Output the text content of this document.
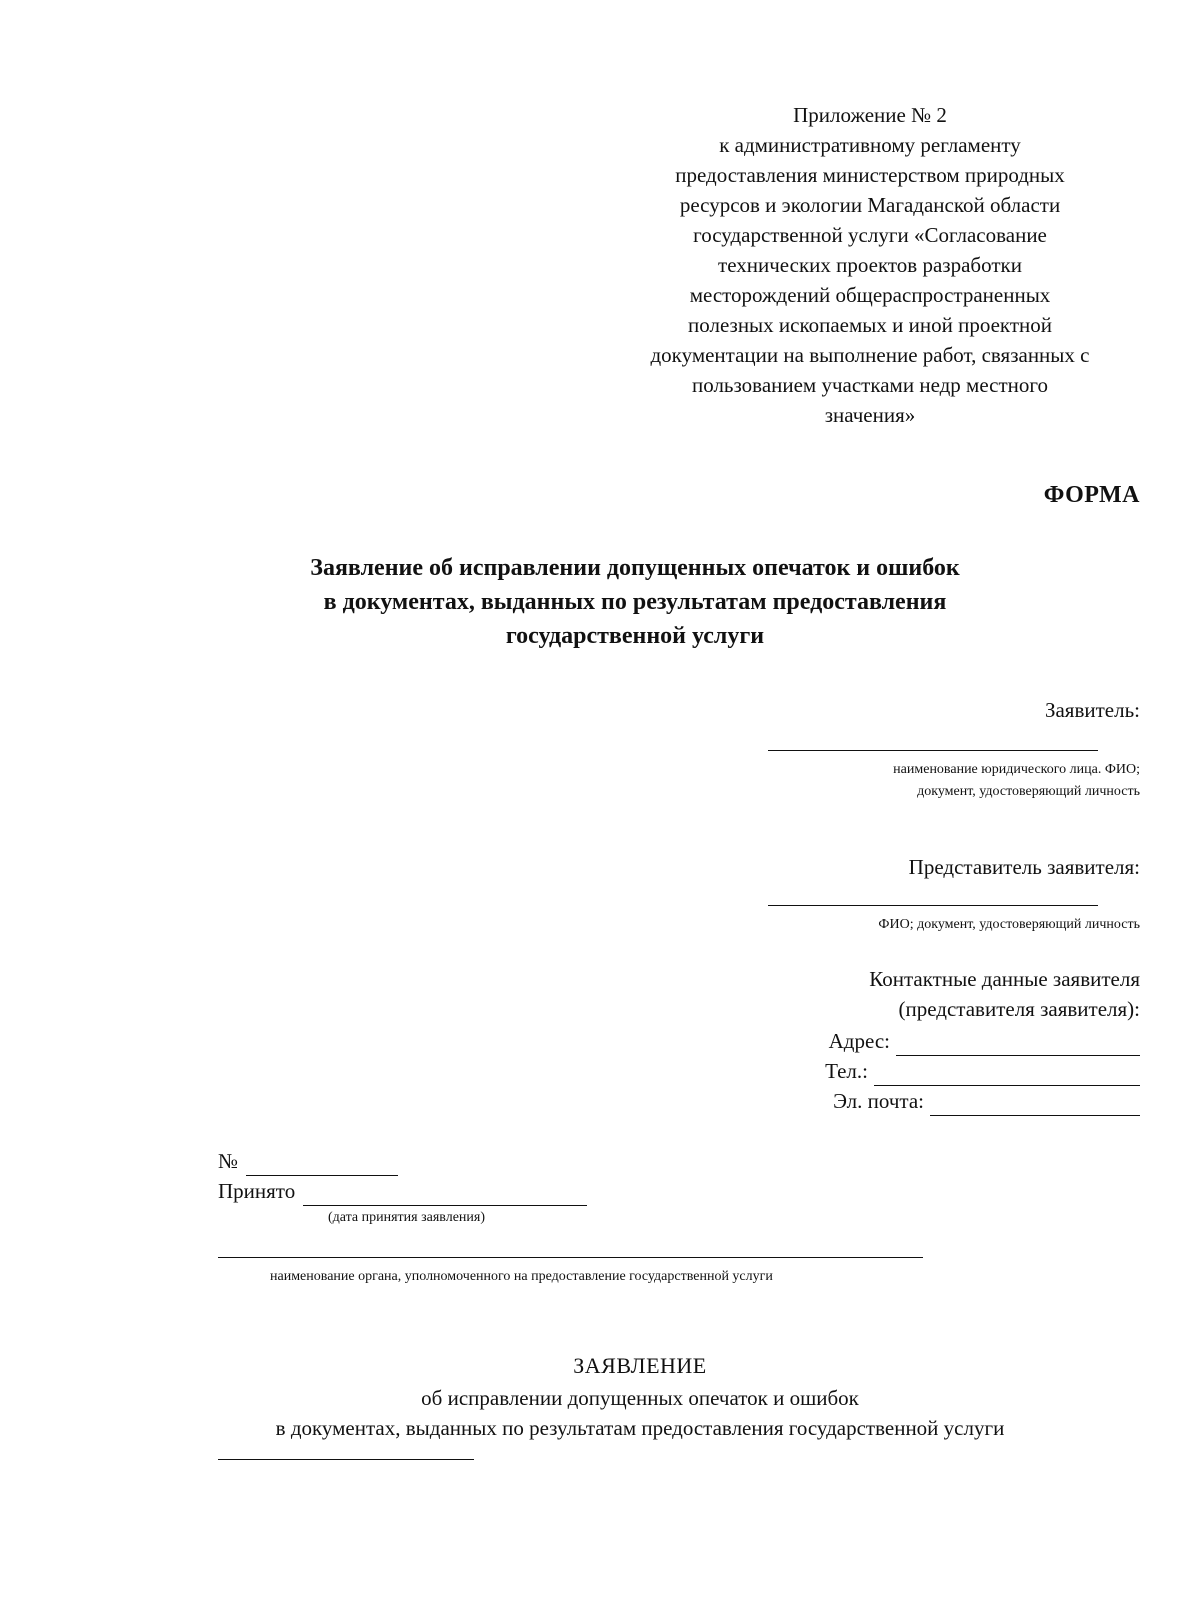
Приложение № 2
к административному регламенту
предоставления министерством природных
ресурсов и экологии Магаданской области
государственной услуги «Согласование
технических проектов разработки
месторождений общераспространенных
полезных ископаемых и иной проектной
документации на выполнение работ, связанных с
пользованием участками недр местного
значения»
ФОРМА
Заявление об исправлении допущенных опечаток и ошибок
в документах, выданных по результатам предоставления
государственной услуги
Заявитель:
наименование юридического лица. ФИО;
документ, удостоверяющий личность
Представитель заявителя:
ФИО; документ, удостоверяющий личность
Контактные данные заявителя
(представителя заявителя):
Адрес:
Тел.:
Эл. почта:
№
Принято
(дата принятия заявления)
наименование органа, уполномоченного на предоставление государственной услуги
ЗАЯВЛЕНИЕ
об исправлении допущенных опечаток и ошибок
в документах, выданных по результатам предоставления государственной услуги
